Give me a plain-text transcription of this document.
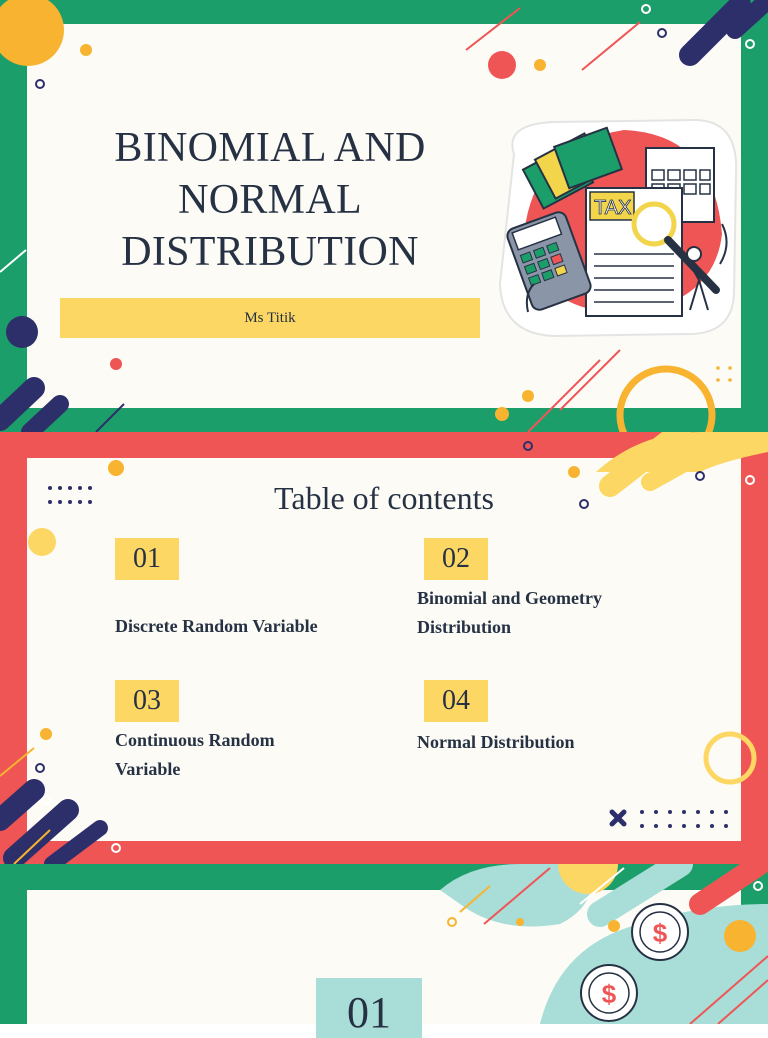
TAX
BINOMIAL AND
NORMAL
DISTRIBUTION
Ms Titik
Table of contents
01
Discrete Random Variable
02
Binomial and Geometry Distribution
03
Continuous Random Variable
04
Normal Distribution
$
$
01
